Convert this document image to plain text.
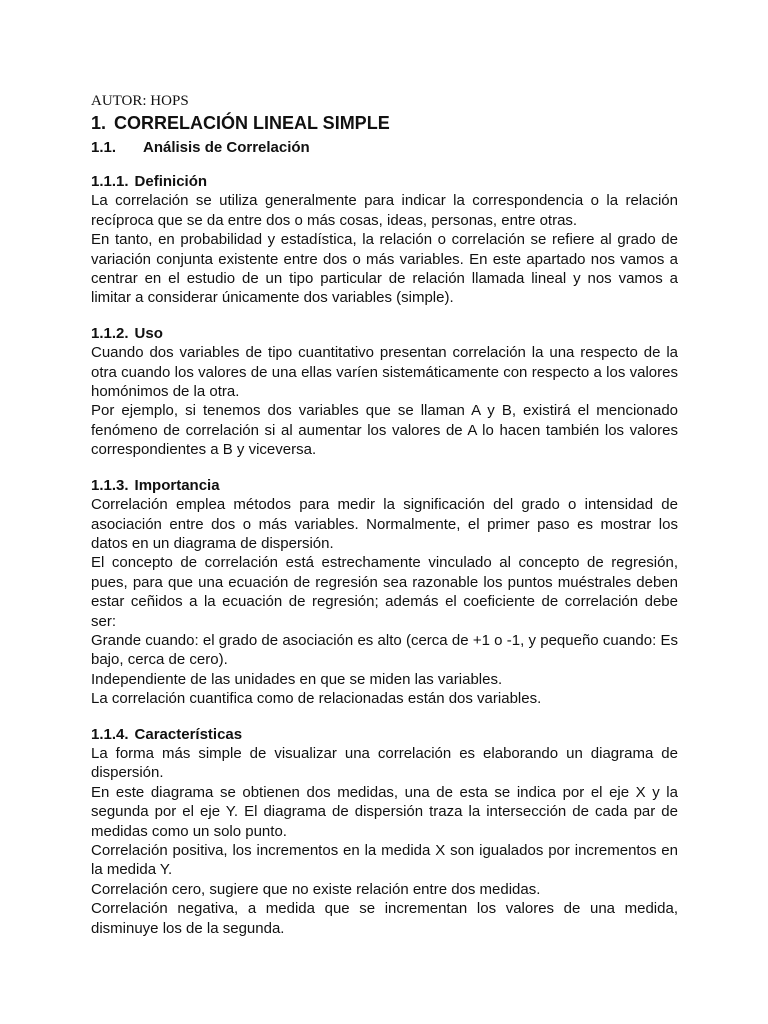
AUTOR: HOPS

1. CORRELACIÓN LINEAL SIMPLE
1.1. Análisis de Correlación
1.1.1. Definición

La correlación se utiliza generalmente para indicar la correspondencia o la relación recíproca que se da entre dos o más cosas, ideas, personas, entre otras.

En tanto, en probabilidad y estadística, la relación o correlación se refiere al grado de variación conjunta existente entre dos o más variables. En este apartado nos vamos a centrar en el estudio de un tipo particular de relación llamada lineal y nos vamos a limitar a considerar únicamente dos variables (simple).

1.1.2. Uso

Cuando dos variables de tipo cuantitativo presentan correlación la una respecto de la otra cuando los valores de una ellas varíen sistemáticamente con respecto a los valores homónimos de la otra.

Por ejemplo, si tenemos dos variables que se llaman A y B, existirá el mencionado fenómeno de correlación si al aumentar los valores de A lo hacen también los valores correspondientes a B y viceversa.

1.1.3. Importancia

Correlación emplea métodos para medir la significación del grado o intensidad de asociación entre dos o más variables. Normalmente, el primer paso es mostrar los datos en un diagrama de dispersión.

El concepto de correlación está estrechamente vinculado al concepto de regresión, pues, para que una ecuación de regresión sea razonable los puntos muéstrales deben estar ceñidos a la ecuación de regresión; además el coeficiente de correlación debe ser:

Grande cuando: el grado de asociación es alto (cerca de +1 o -1, y pequeño cuando: Es bajo, cerca de cero).

Independiente de las unidades en que se miden las variables.

La correlación cuantifica como de relacionadas están dos variables.

1.1.4. Características

La forma más simple de visualizar una correlación es elaborando un diagrama de dispersión.

En este diagrama se obtienen dos medidas, una de esta se indica por el eje X y la segunda por el eje Y. El diagrama de dispersión traza la intersección de cada par de medidas como un solo punto.

Correlación positiva, los incrementos en la medida X son igualados por incrementos en la medida Y.

Correlación cero, sugiere que no existe relación entre dos medidas.

Correlación negativa, a medida que se incrementan los valores de una medida, disminuye los de la segunda.
